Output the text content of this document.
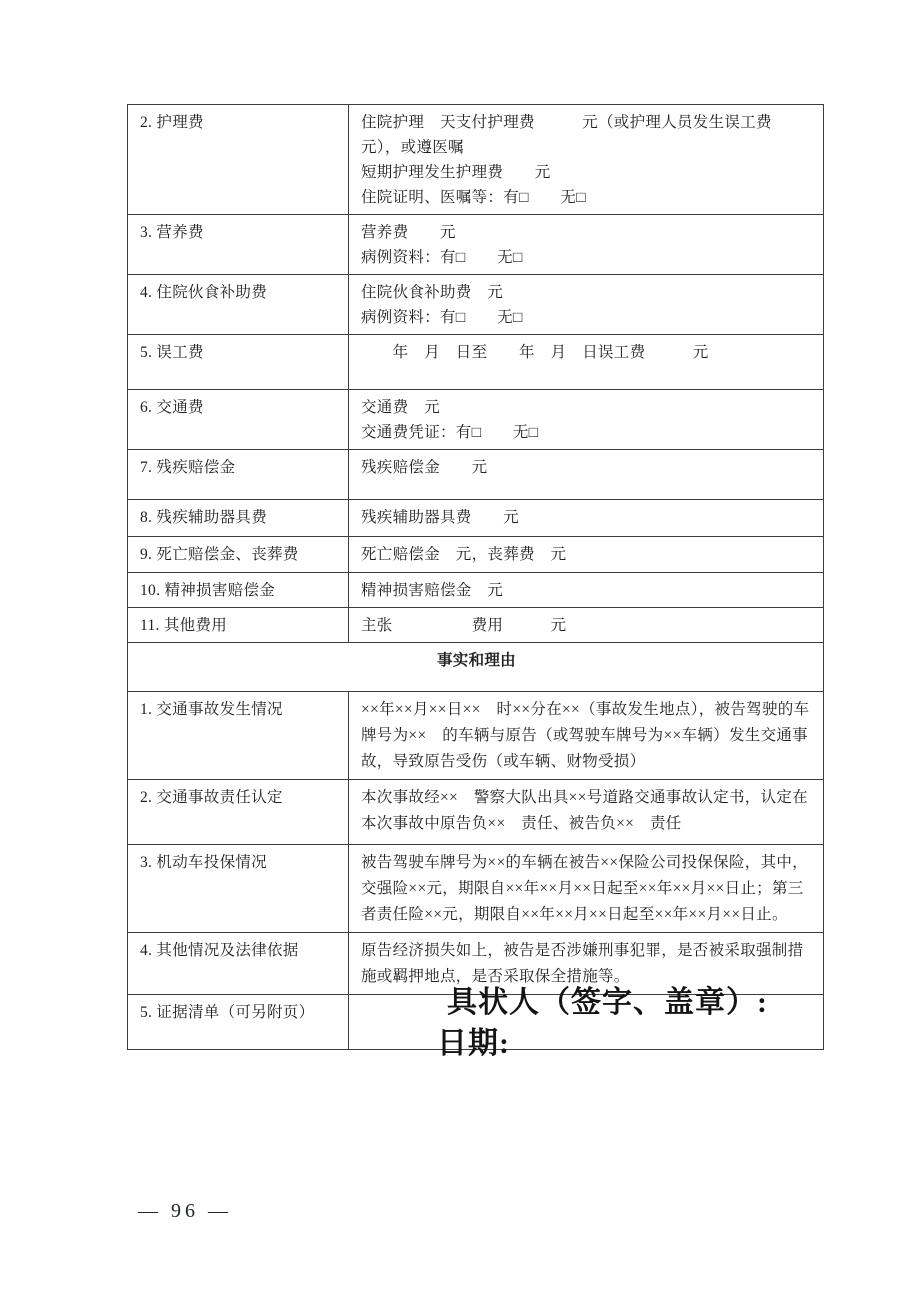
2. 护理费	住院护理　天支付护理费　　　元（或护理人员发生误工费　元），或遵医嘱
短期护理发生护理费　　元
住院证明、医嘱等：有□　　无□

3. 营养费	营养费　　元
病例资料：有□　　无□

4. 住院伙食补助费	住院伙食补助费　元
病例资料：有□　　无□

5. 误工费	　　年　月　日至　　年　月　日误工费　　　元

6. 交通费	交通费　元
交通费凭证：有□　　无□

7. 残疾赔偿金	残疾赔偿金　　元

8. 残疾辅助器具费	残疾辅助器具费　　元

9. 死亡赔偿金、丧葬费	死亡赔偿金　元，丧葬费　元

10. 精神损害赔偿金	精神损害赔偿金　元

11. 其他费用	主张　　　　　费用　　　元

事实和理由	
1. 交通事故发生情况	××年××月××日××　时××分在××（事故发生地点），被告驾驶的车牌号为××　的车辆与原告（或驾驶车牌号为××车辆）发生交通事故，导致原告受伤（或车辆、财物受损）

2. 交通事故责任认定	本次事故经××　警察大队出具××号道路交通事故认定书，认定在本次事故中原告负××　责任、被告负××　责任

3. 机动车投保情况	被告驾驶车牌号为××的车辆在被告××保险公司投保保险，其中，交强险××元，期限自××年××月××日起至××年××月××日止；第三者责任险××元，期限自××年××月××日起至××年××月××日止。

4. 其他情况及法律依据	原告经济损失如上，被告是否涉嫌刑事犯罪，是否被采取强制措施或羁押地点，是否采取保全措施等。

5. 证据清单（可另附页）		具状人（签字、盖章）:
日期:
— 96 —
